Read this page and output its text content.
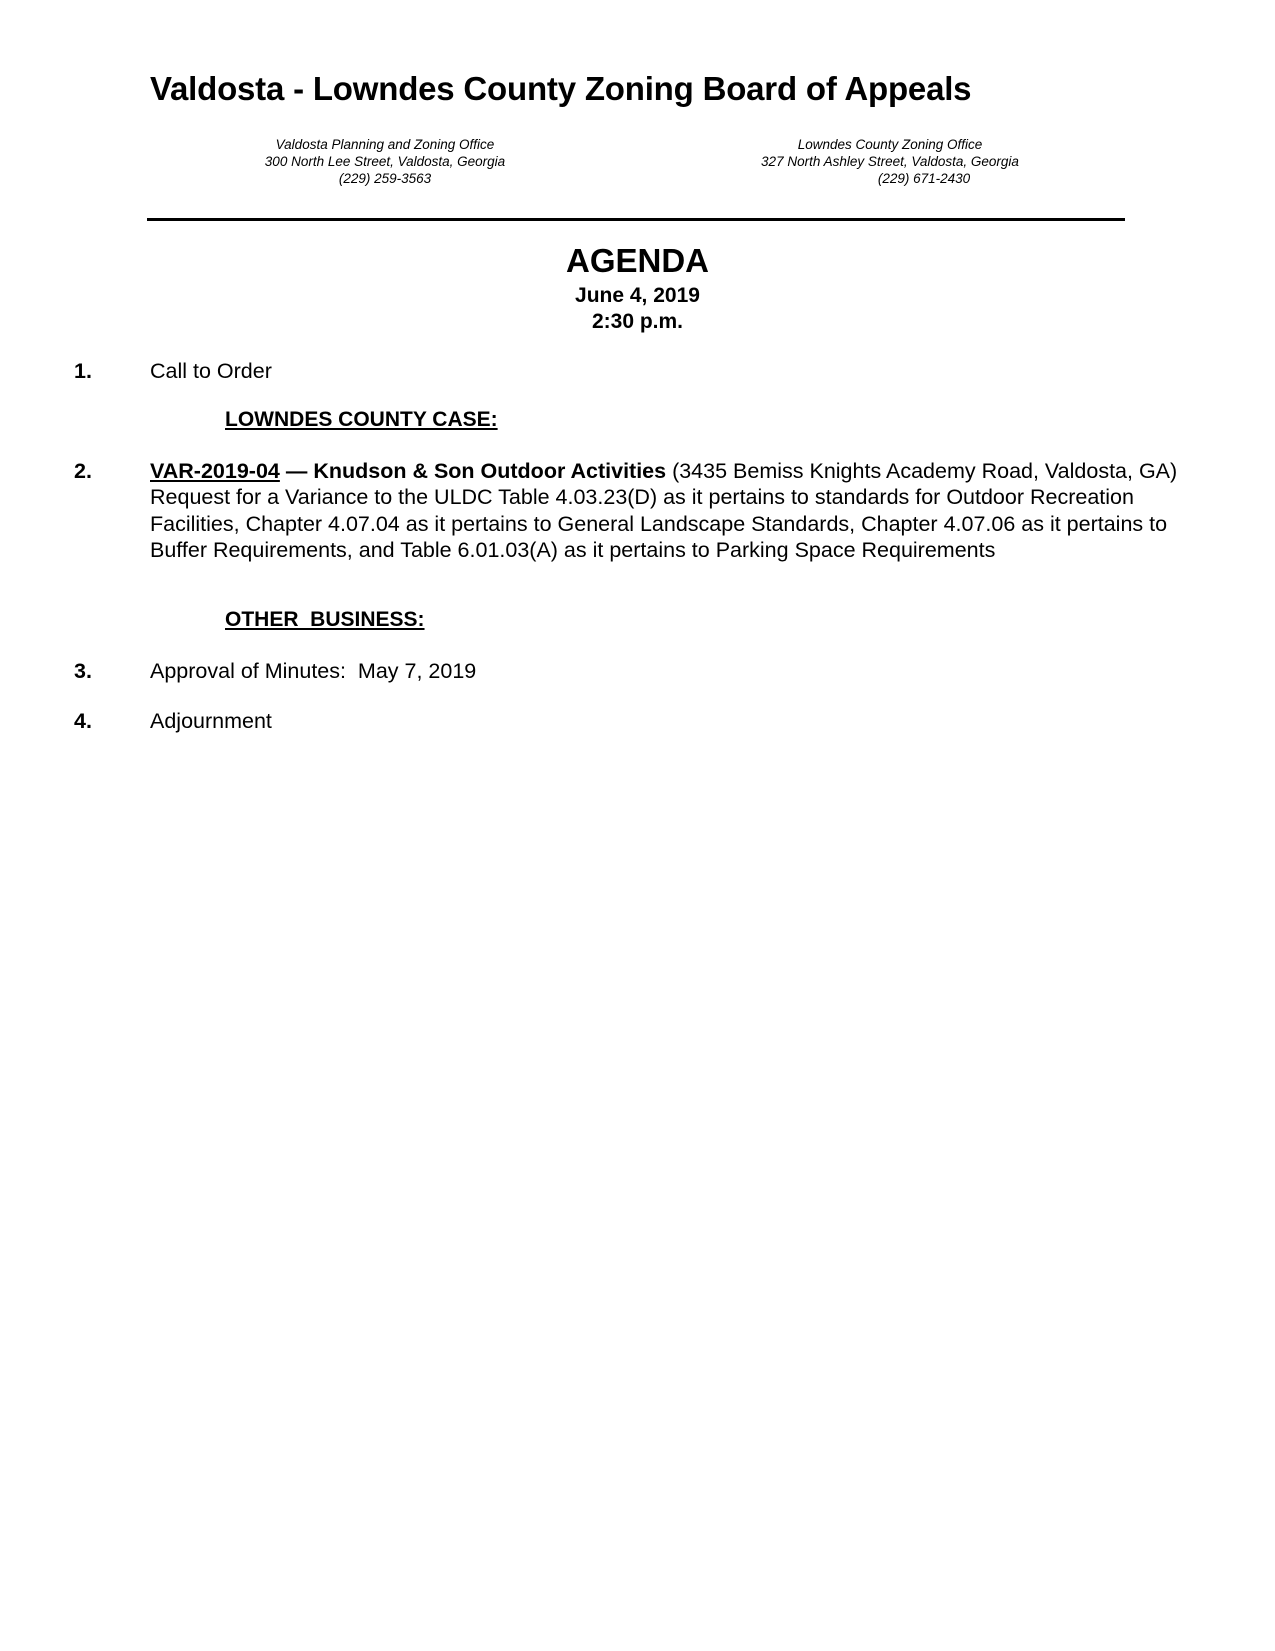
Valdosta - Lowndes County Zoning Board of Appeals
Valdosta Planning and Zoning Office
300 North Lee Street, Valdosta, Georgia
(229) 259-3563
Lowndes County Zoning Office
327 North Ashley Street, Valdosta, Georgia
(229) 671-2430
AGENDA
June 4, 2019
2:30 p.m.
1.	Call to Order
LOWNDES COUNTY CASE:
2.	VAR-2019-04 — Knudson & Son Outdoor Activities (3435 Bemiss Knights Academy Road, Valdosta, GA) Request for a Variance to the ULDC Table 4.03.23(D) as it pertains to standards for Outdoor Recreation Facilities, Chapter 4.07.04 as it pertains to General Landscape Standards, Chapter 4.07.06 as it pertains to Buffer Requirements, and Table 6.01.03(A) as it pertains to Parking Space Requirements
OTHER  BUSINESS:
3.	Approval of Minutes:  May 7, 2019
4.	Adjournment
